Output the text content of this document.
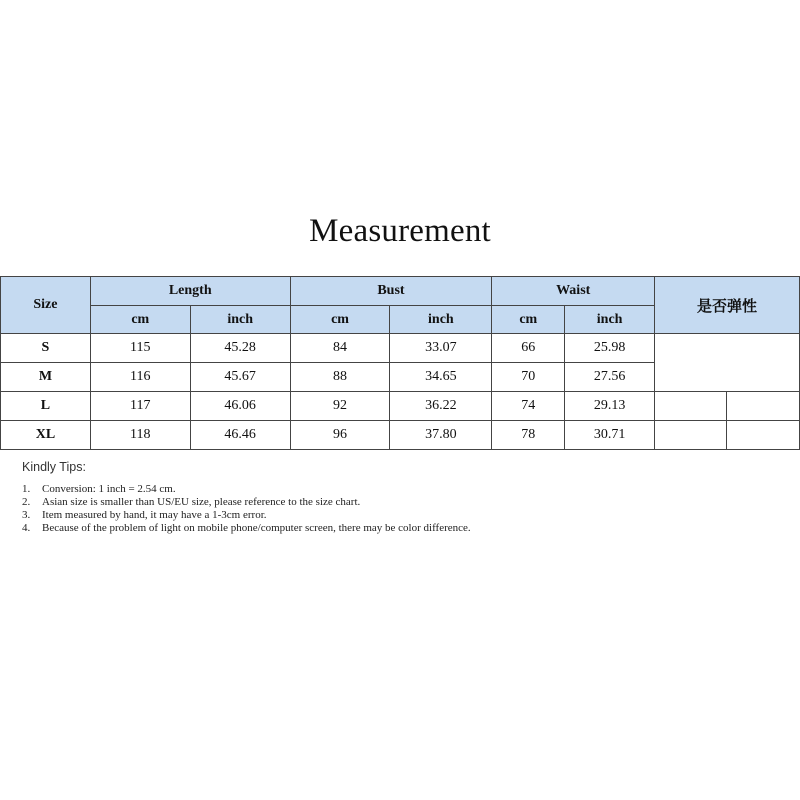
Measurement
Size	Length		Bust		Waist		是否弹性	
	cm	inch	cm	inch	cm	inch		
S	115	45.28	84	33.07	66	25.98		
M	116	45.67	88	34.65	70	27.56		
L	117	46.06	92	36.22	74	29.13		
XL	118	46.46	96	37.80	78	30.71		
Kindly Tips:
1. Conversion: 1 inch = 2.54 cm.
2. Asian size is smaller than US/EU size, please reference to the size chart.
3. Item measured by hand, it may have a 1-3cm error.
4. Because of the problem of light on mobile phone/computer screen, there may be color difference.
